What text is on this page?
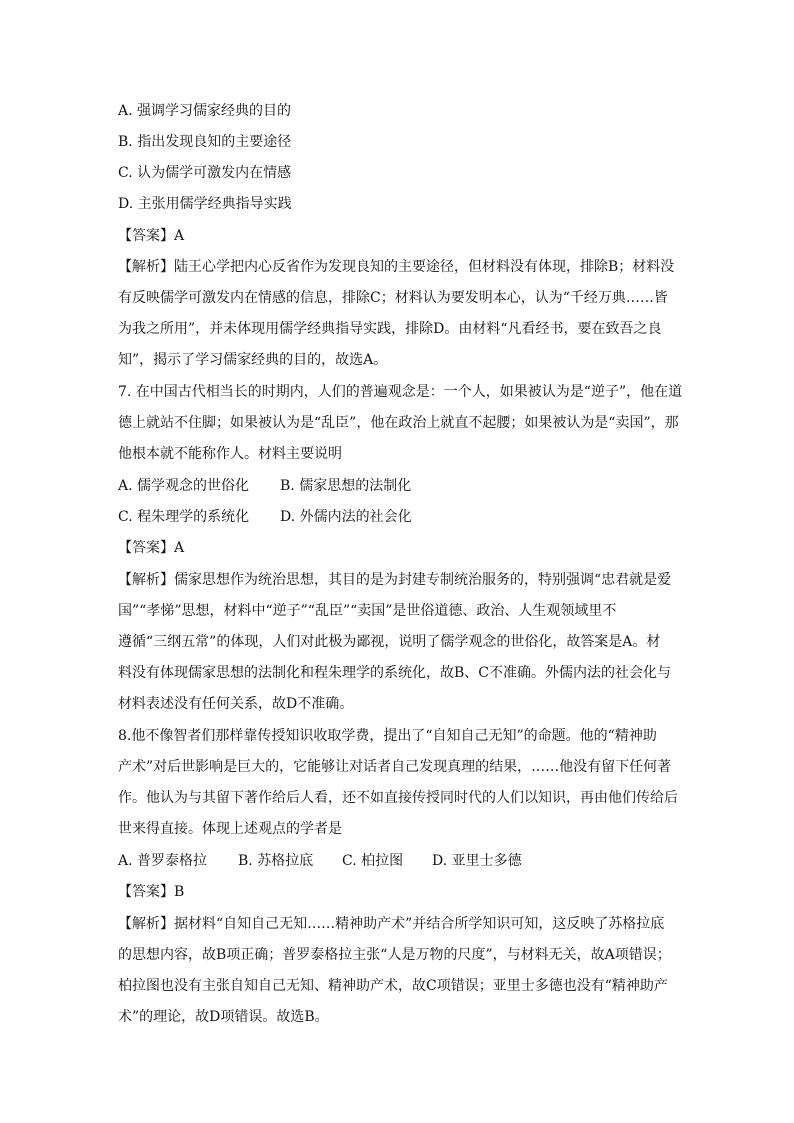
A. 强调学习儒家经典的目的
B. 指出发现良知的主要途径
C. 认为儒学可激发内在情感
D. 主张用儒学经典指导实践
【答案】A
【解析】陆王心学把内心反省作为发现良知的主要途径，但材料没有体现，排除B；材料没
有反映儒学可激发内在情感的信息，排除C；材料认为要发明本心，认为“千经万典……皆
为我之所用”，并未体现用儒学经典指导实践，排除D。由材料“凡看经书，要在致吾之良
知”，揭示了学习儒家经典的目的，故选A。
7. 在中国古代相当长的时期内，人们的普遍观念是：一个人，如果被认为是“逆子”，他在道
德上就站不住脚；如果被认为是“乱臣”，他在政治上就直不起腰；如果被认为是“卖国”，那
他根本就不能称作人。材料主要说明
A. 儒学观念的世俗化 B. 儒家思想的法制化
C. 程朱理学的系统化 D. 外儒内法的社会化
【答案】A
【解析】儒家思想作为统治思想，其目的是为封建专制统治服务的，特别强调“忠君就是爱
国”“孝悌”思想，材料中“逆子”“乱臣”“卖国”是世俗道德、政治、人生观领域里不
遵循“三纲五常”的体现，人们对此极为鄙视，说明了儒学观念的世俗化，故答案是A。材
料没有体现儒家思想的法制化和程朱理学的系统化，故B、C不准确。外儒内法的社会化与
材料表述没有任何关系，故D不准确。
8.他不像智者们那样靠传授知识收取学费，提出了“自知自己无知”的命题。他的“精神助
产术”对后世影响是巨大的，它能够让对话者自己发现真理的结果，……他没有留下任何著
作。他认为与其留下著作给后人看，还不如直接传授同时代的人们以知识，再由他们传给后
世来得直接。体现上述观点的学者是
A. 普罗泰格拉 B. 苏格拉底 C. 柏拉图 D. 亚里士多德
【答案】B
【解析】据材料“自知自己无知……精神助产术”并结合所学知识可知，这反映了苏格拉底
的思想内容，故B项正确；普罗泰格拉主张“人是万物的尺度”，与材料无关，故A项错误；
柏拉图也没有主张自知自己无知、精神助产术，故C项错误；亚里士多德也没有“精神助产
术”的理论，故D项错误。故选B。
